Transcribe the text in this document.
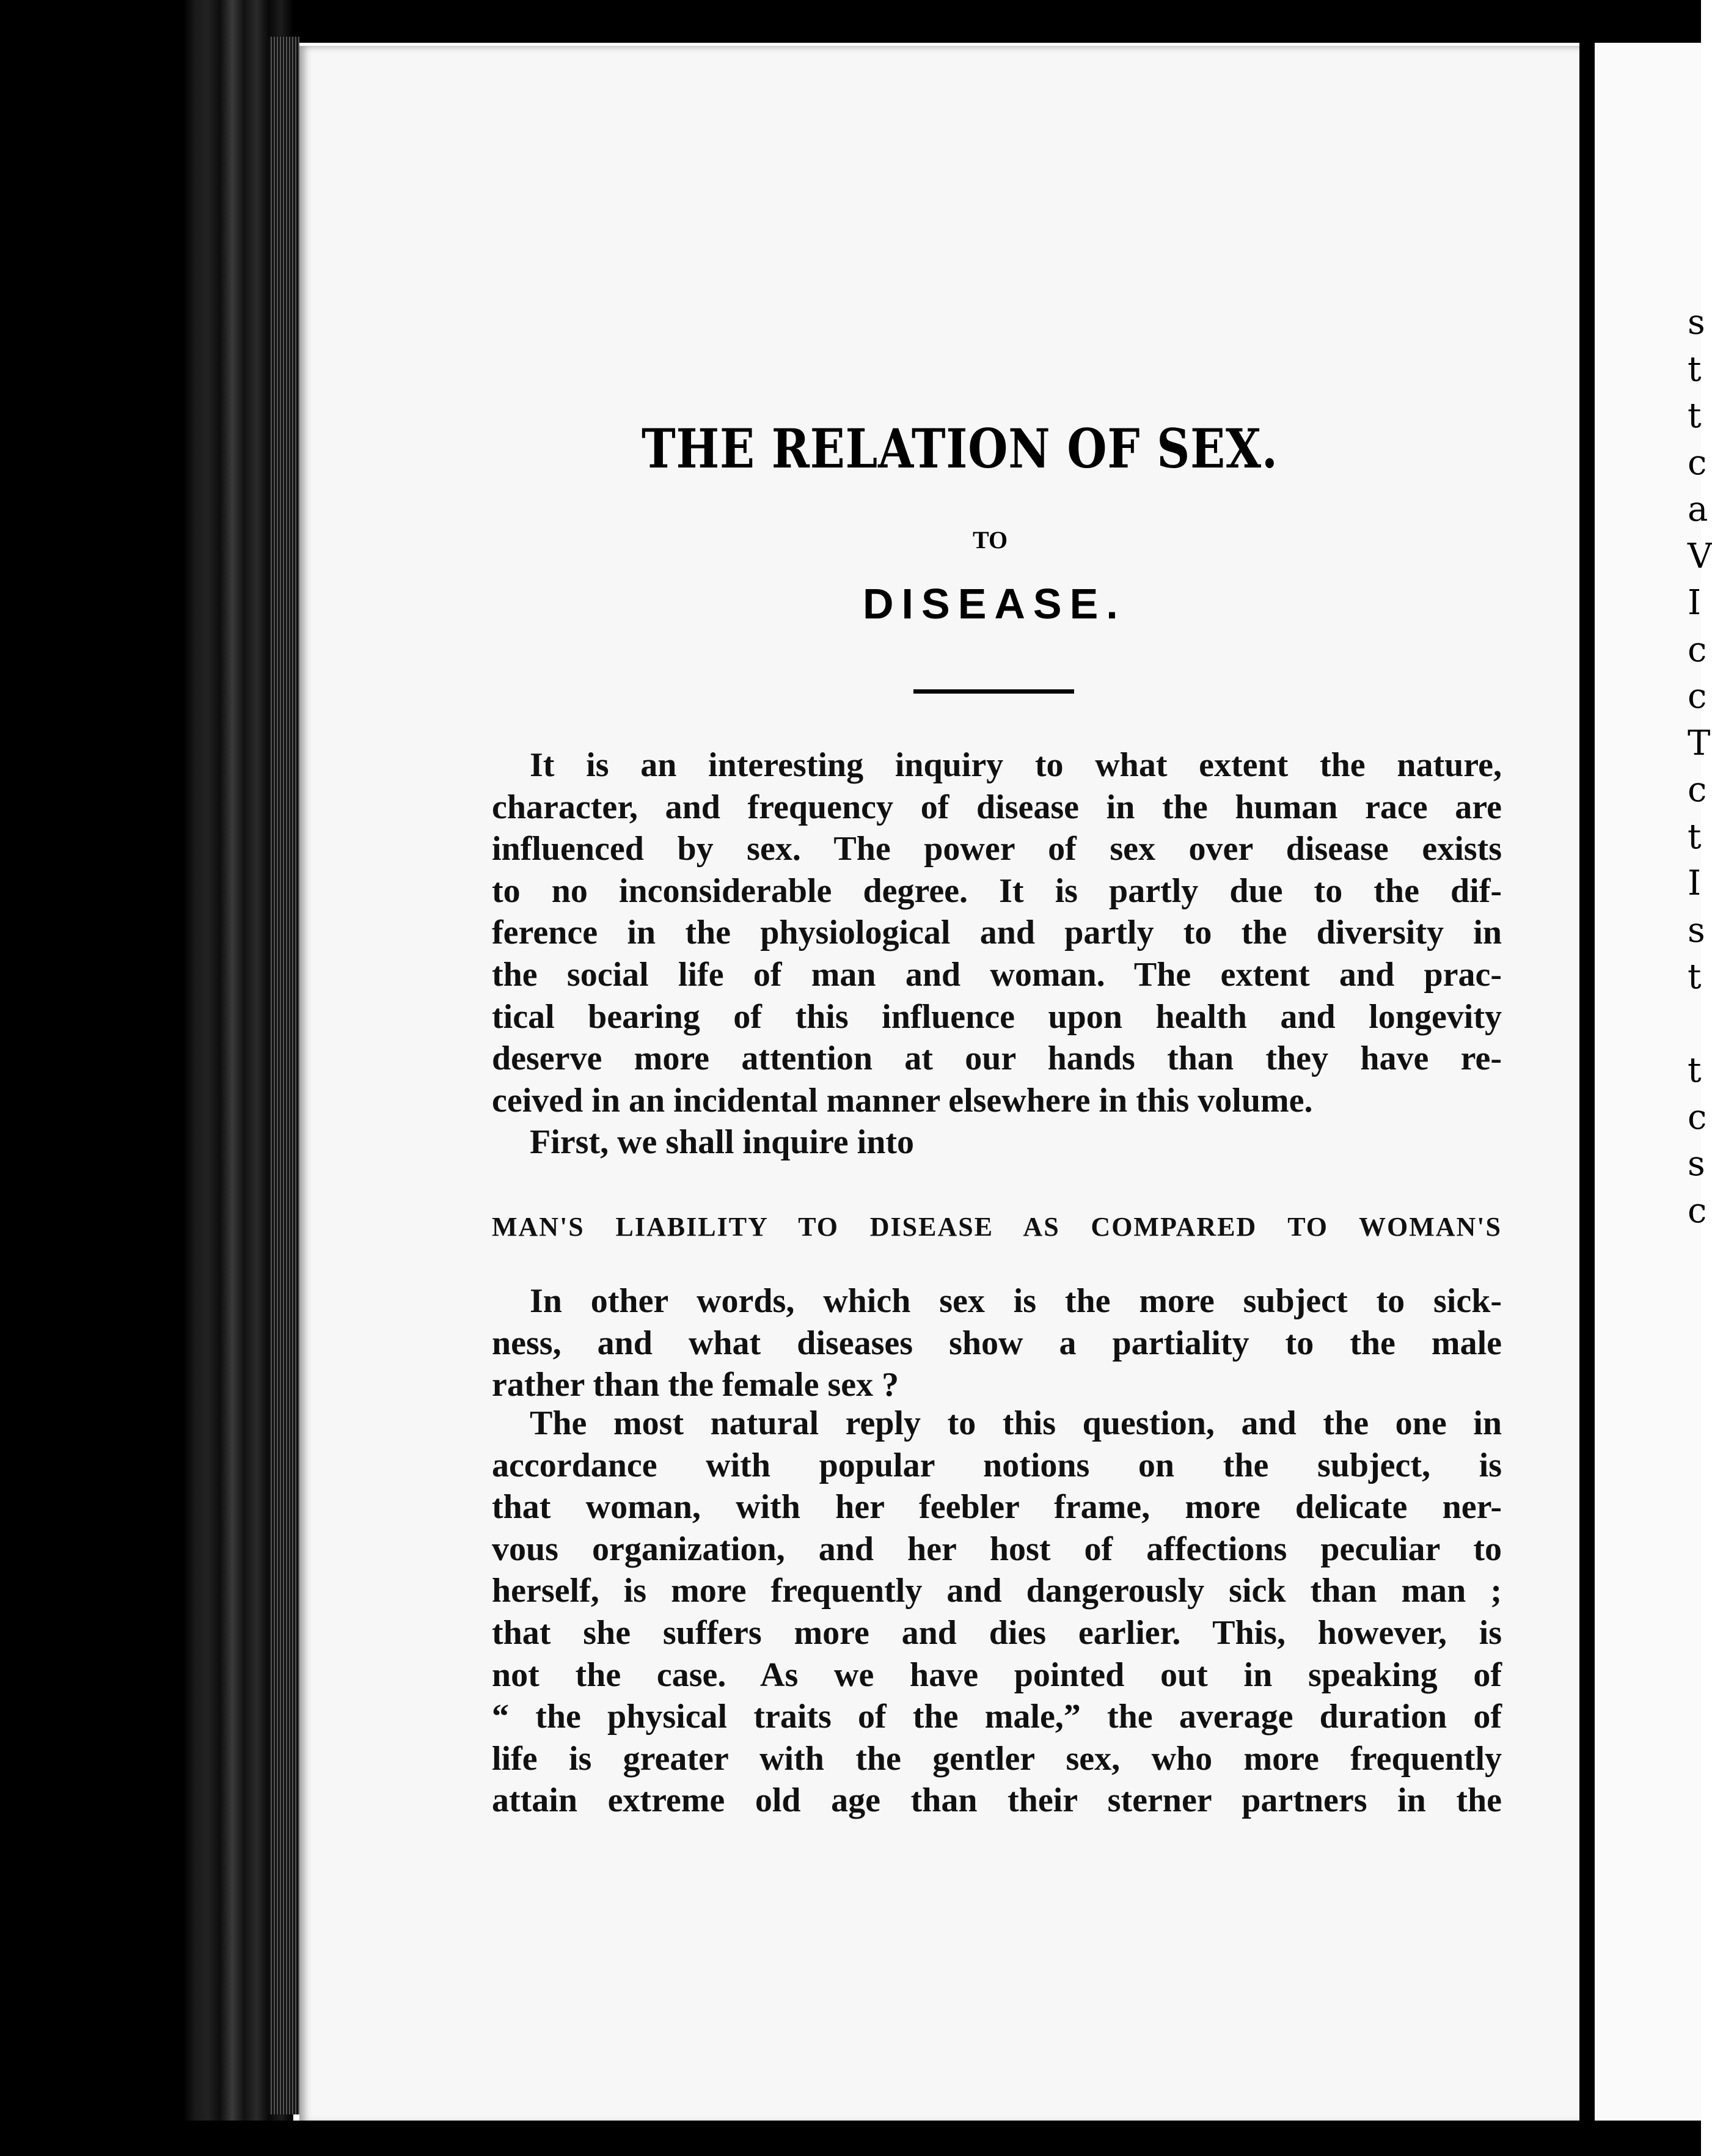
s
t
t
c
a
V
I
c
c
T
c
t
I
s
t
t
c
s
c
THE RELATION OF SEX.
TO
DISEASE.

It is an interesting inquiry to what extent the nature,
character, and frequency of disease in the human race are
influenced by sex. The power of sex over disease exists
to no inconsiderable degree. It is partly due to the dif-
ference in the physiological and partly to the diversity in
the social life of man and woman. The extent and prac-
tical bearing of this influence upon health and longevity
deserve more attention at our hands than they have re-
ceived in an incidental manner elsewhere in this volume.
First, we shall inquire into

MAN'S LIABILITY TO DISEASE AS COMPARED TO WOMAN'S

In other words, which sex is the more subject to sick-
ness, and what diseases show a partiality to the male
rather than the female sex ?

The most natural reply to this question, and the one in
accordance with popular notions on the subject, is
that woman, with her feebler frame, more delicate ner-
vous organization, and her host of affections peculiar to
herself, is more frequently and dangerously sick than man ;
that she suffers more and dies earlier. This, however, is
not the case. As we have pointed out in speaking of
“ the physical traits of the male,” the average duration of
life is greater with the gentler sex, who more frequently
attain extreme old age than their sterner partners in the
